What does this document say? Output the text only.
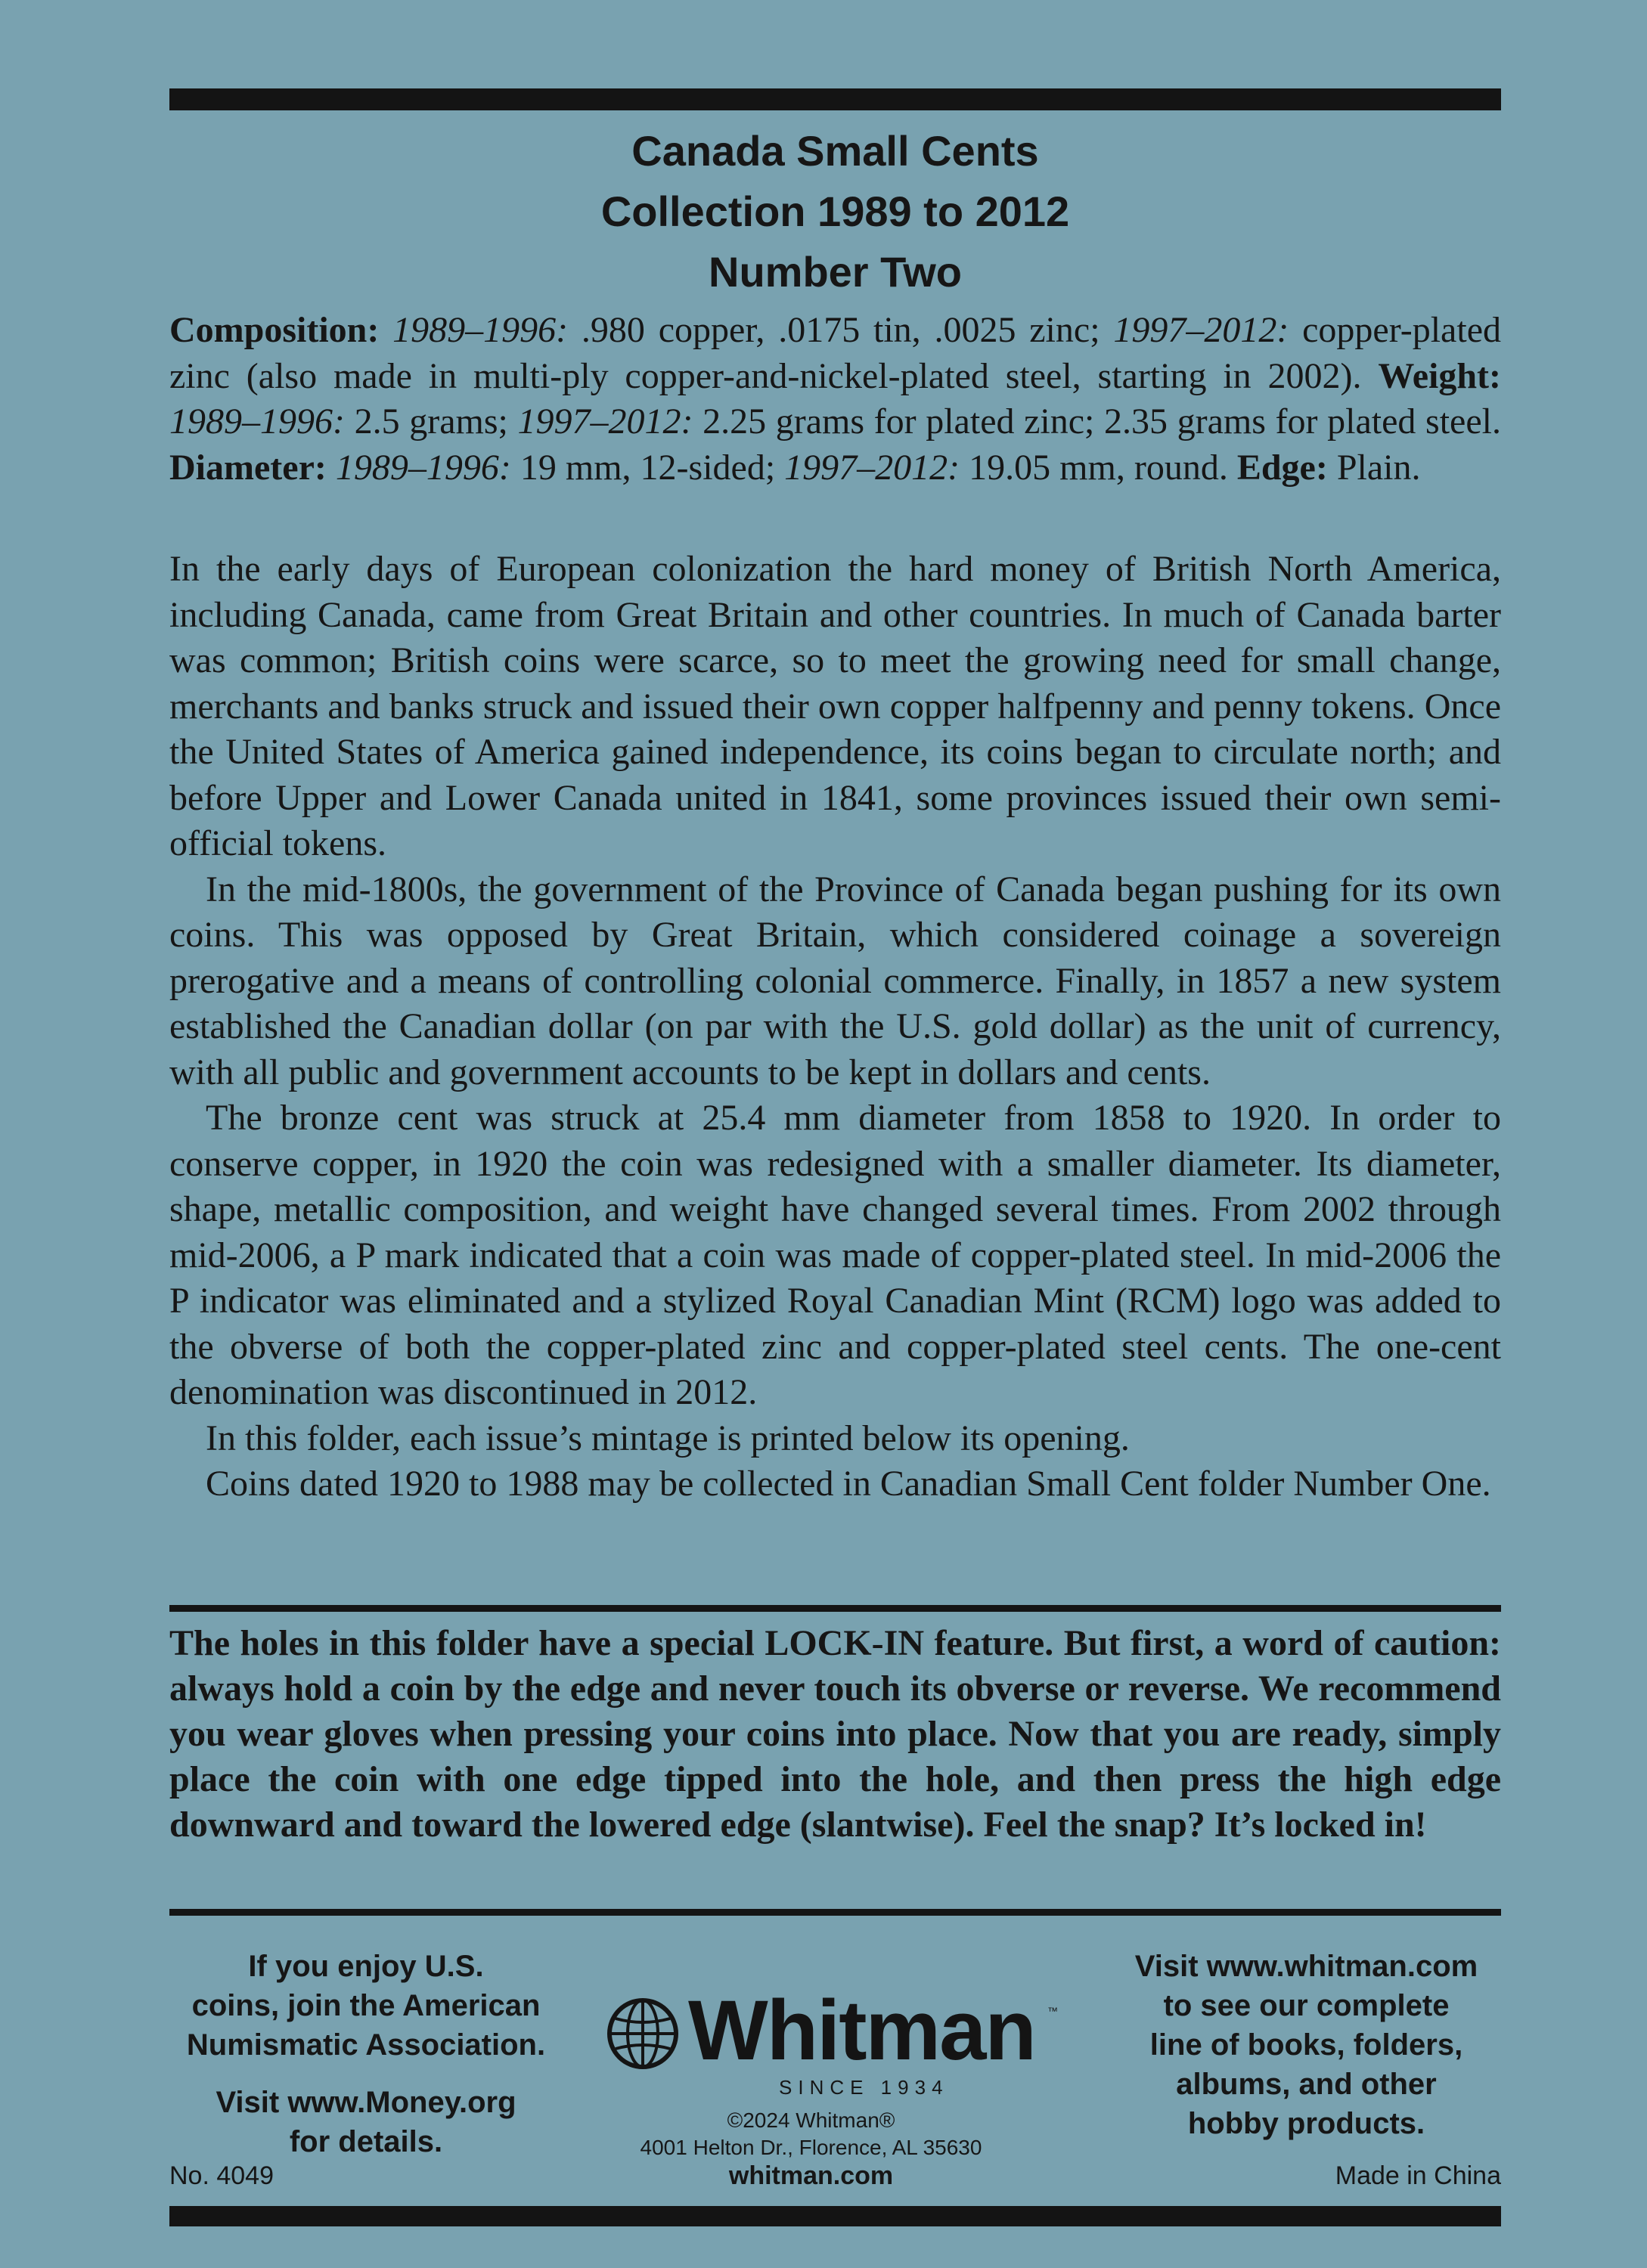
Canada Small Cents
Collection 1989 to 2012
Number Two
Composition: 1989–1996: .980 copper, .0175 tin, .0025 zinc; 1997–2012: copper-plated zinc (also made in multi-ply copper-and-nickel-plated steel, starting in 2002). Weight: 1989–1996: 2.5 grams; 1997–2012: 2.25 grams for plated zinc; 2.35 grams for plated steel. Diameter: 1989–1996: 19 mm, 12-sided; 1997–2012: 19.05 mm, round. Edge: Plain.

In the early days of European colonization the hard money of British North America, including Canada, came from Great Britain and other countries. In much of Canada barter was common; British coins were scarce, so to meet the growing need for small change, merchants and banks struck and issued their own copper halfpenny and penny tokens. Once the United States of America gained independence, its coins began to circulate north; and before Upper and Lower Canada united in 1841, some provinces issued their own semi-official tokens.

In the mid-1800s, the government of the Province of Canada began pushing for its own coins. This was opposed by Great Britain, which considered coinage a sovereign prerogative and a means of controlling colonial commerce. Finally, in 1857 a new system established the Canadian dollar (on par with the U.S. gold dollar) as the unit of currency, with all public and government accounts to be kept in dollars and cents.

The bronze cent was struck at 25.4 mm diameter from 1858 to 1920. In order to conserve copper, in 1920 the coin was redesigned with a smaller diameter. Its diameter, shape, metallic composition, and weight have changed several times. From 2002 through mid-2006, a P mark indicated that a coin was made of copper-plated steel. In mid-2006 the P indicator was eliminated and a stylized Royal Canadian Mint (RCM) logo was added to the obverse of both the copper-plated zinc and copper-plated steel cents. The one-cent denomination was discontinued in 2012.

In this folder, each issue’s mintage is printed below its opening.

Coins dated 1920 to 1988 may be collected in Canadian Small Cent folder Number One.

The holes in this folder have a special LOCK-IN feature. But first, a word of caution: always hold a coin by the edge and never touch its obverse or reverse. We recommend you wear gloves when pressing your coins into place. Now that you are ready, simply place the coin with one edge tipped into the hole, and then press the high edge downward and toward the lowered edge (slantwise). Feel the snap? It’s locked in!
If you enjoy U.S.
coins, join the American
Numismatic Association.
Visit www.Money.org
for details.
Whitman ™
SINCE 1934
©2024 Whitman®
4001 Helton Dr., Florence, AL 35630
whitman.com
Visit www.whitman.com
to see our complete
line of books, folders,
albums, and other
hobby products.
No. 4049	Made in China
